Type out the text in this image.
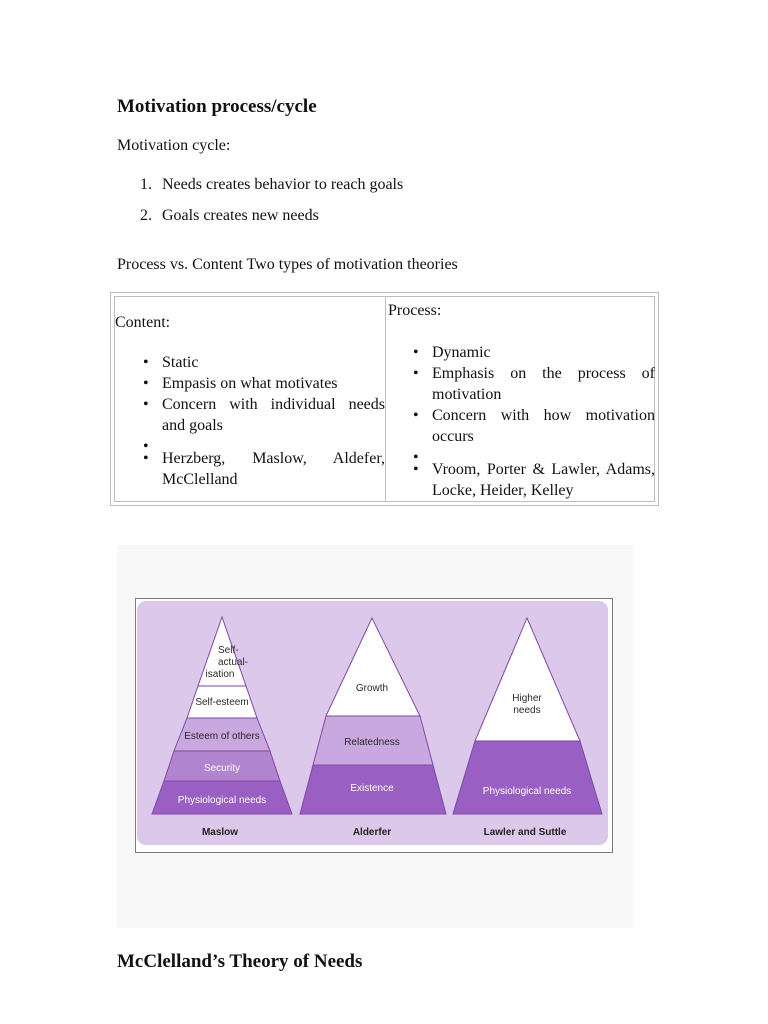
Motivation process/cycle
Motivation cycle:
1. Needs creates behavior to reach goals
2. Goals creates new needs
Process vs. Content Two types of motivation theories
Content:
• Static
• Empasis on what motivates
• Concern with individual needs and goals
•
• Herzberg, Maslow, Aldefer, McClelland
Process:
• Dynamic
• Emphasis on the process of motivation
• Concern with how motivation occurs
•
• Vroom, Porter & Lawler, Adams, Locke, Heider, Kelley
Self-
actual-
isation
Self-esteem
Esteem of others
Security
Physiological needs
Maslow
Growth
Relatedness
Existence
Alderfer
Higher
needs
Physiological needs
Lawler and Suttle
McClelland’s Theory of Needs
